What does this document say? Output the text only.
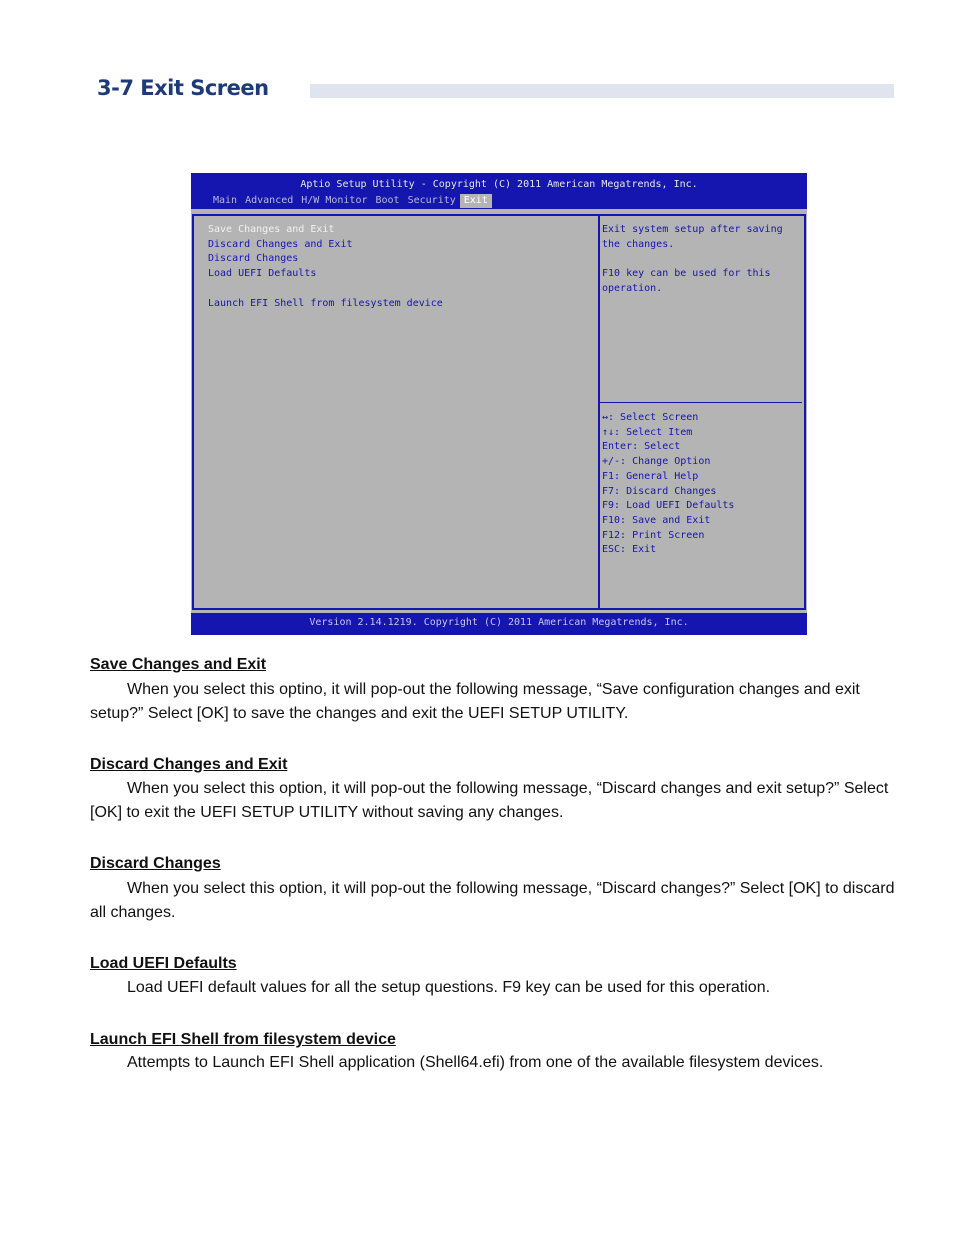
3-7 Exit Screen
Aptio Setup Utility - Copyright (C) 2011 American Megatrends, Inc.
Main Advanced H/W Monitor Boot Security Exit
Save Changes and Exit
Discard Changes and Exit
Discard Changes
Load UEFI Defaults
Launch EFI Shell from filesystem device

Exit system setup after saving the changes.

F10 key can be used for this operation.

↔: Select Screen
↑↓: Select Item
Enter: Select
+/-: Change Option
F1: General Help
F7: Discard Changes
F9: Load UEFI Defaults
F10: Save and Exit
F12: Print Screen
ESC: Exit
Version 2.14.1219. Copyright (C) 2011 American Megatrends, Inc.
Save Changes and Exit
When you select this optino, it will pop-out the following message, “Save configuration changes and exit setup?” Select [OK] to save the changes and exit the UEFI SETUP UTILITY.
Discard Changes and Exit
When you select this option, it will pop-out the following message, “Discard changes and exit setup?” Select [OK] to exit the UEFI SETUP UTILITY without saving any changes.
Discard Changes
When you select this option, it will pop-out the following message, “Discard changes?” Select [OK] to discard all changes.
Load UEFI Defaults
Load UEFI default values for all the setup questions. F9 key can be used for this operation.
Launch EFI Shell from filesystem device
Attempts to Launch EFI Shell application (Shell64.efi) from one of the available filesystem devices.
